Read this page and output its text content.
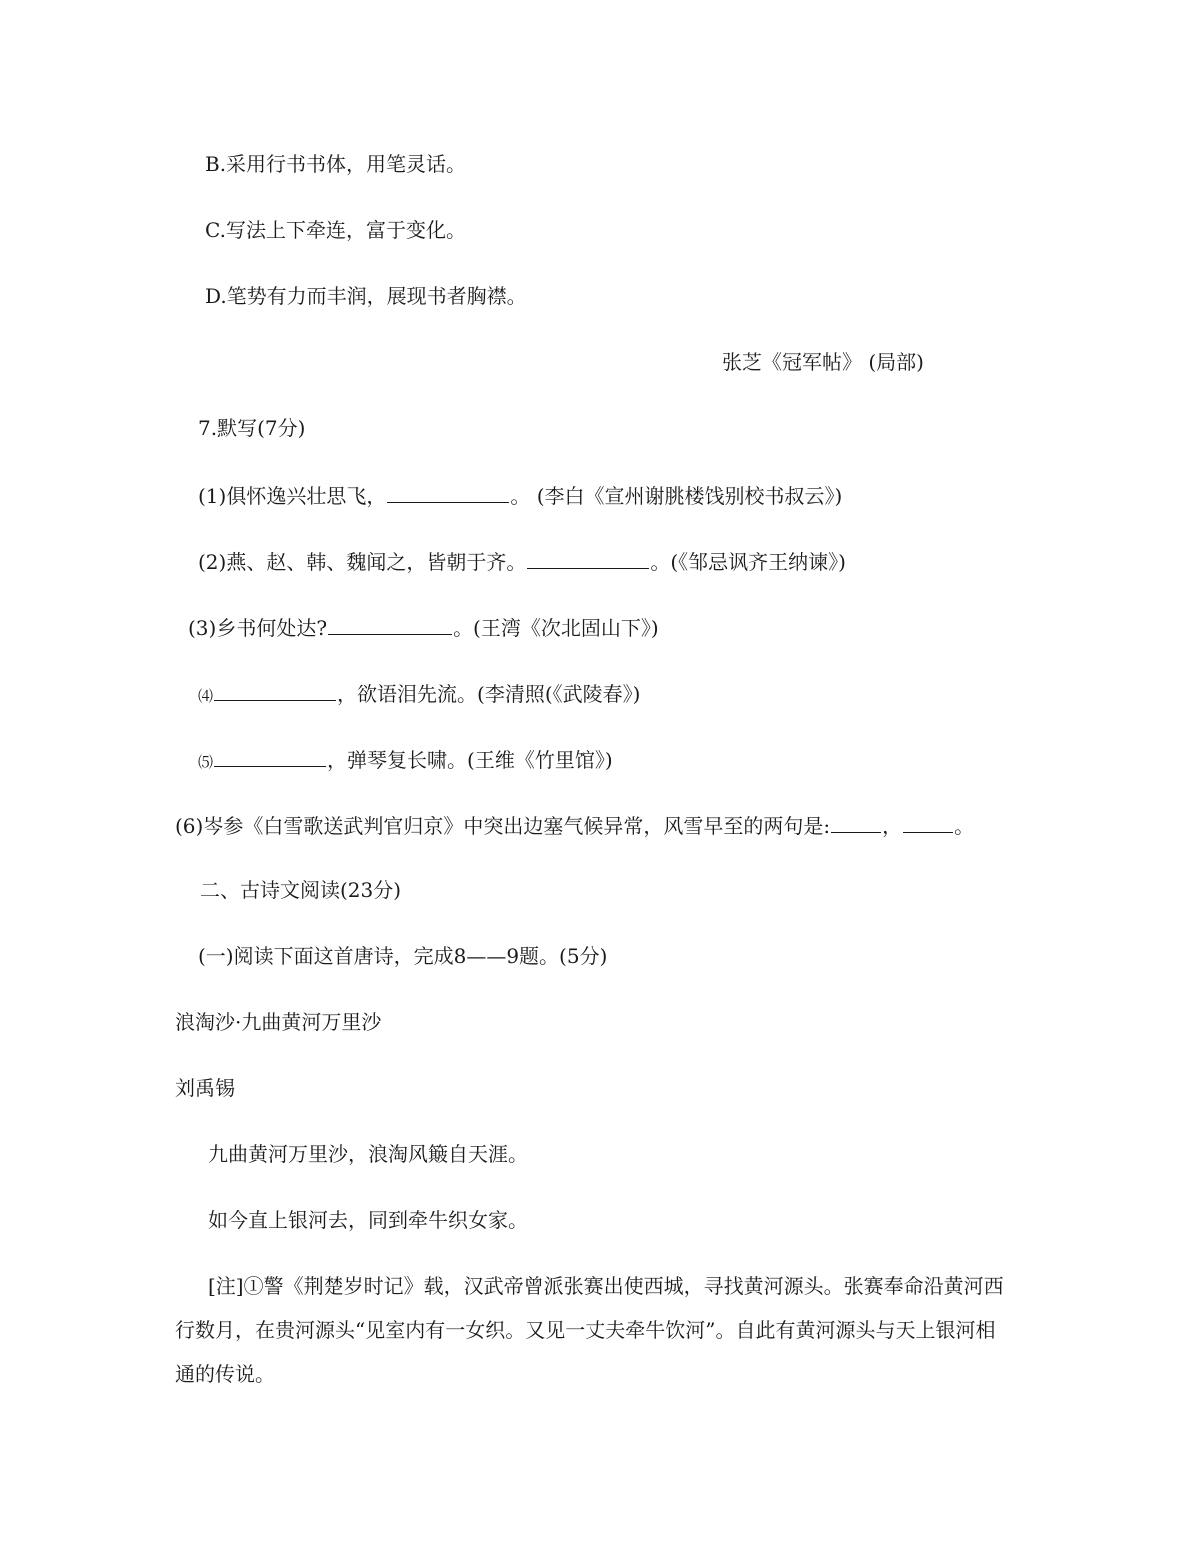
B.采用行书书体，用笔灵话。
C.写法上下牵连，富于变化。
D.笔势有力而丰润，展现书者胸襟。
张芝《冠军帖》 (局部)
7.默写(7分)
(1)俱怀逸兴壮思飞，	。 (李白《宣州谢朓楼饯别校书叔云》)
(2)燕、赵、韩、魏闻之，皆朝于齐。	。(《邹忌讽齐王纳谏》)
(3)乡书何处达?	。(王湾《次北固山下》)
⑷	，欲语泪先流。(李清照(《武陵春》)
⑸	，弹琴复长啸。(王维《竹里馆》)
(6)岑参《白雪歌送武判官归京》中突出边塞气候异常，风雪早至的两句是:	，	。
二、古诗文阅读(23分)
(一)阅读下面这首唐诗，完成8——9题。(5分)
浪淘沙·九曲黄河万里沙
刘禹锡
九曲黄河万里沙，浪淘风簸自天涯。
如今直上银河去，同到牵牛织女家。
[注]①警《荆楚岁时记》载，汉武帝曾派张赛出使西城，寻找黄河源头。张赛奉命沿黄河西
行数月，在贵河源头“见室内有一女织。又见一丈夫牵牛饮河”。自此有黄河源头与天上银河相
通的传说。
